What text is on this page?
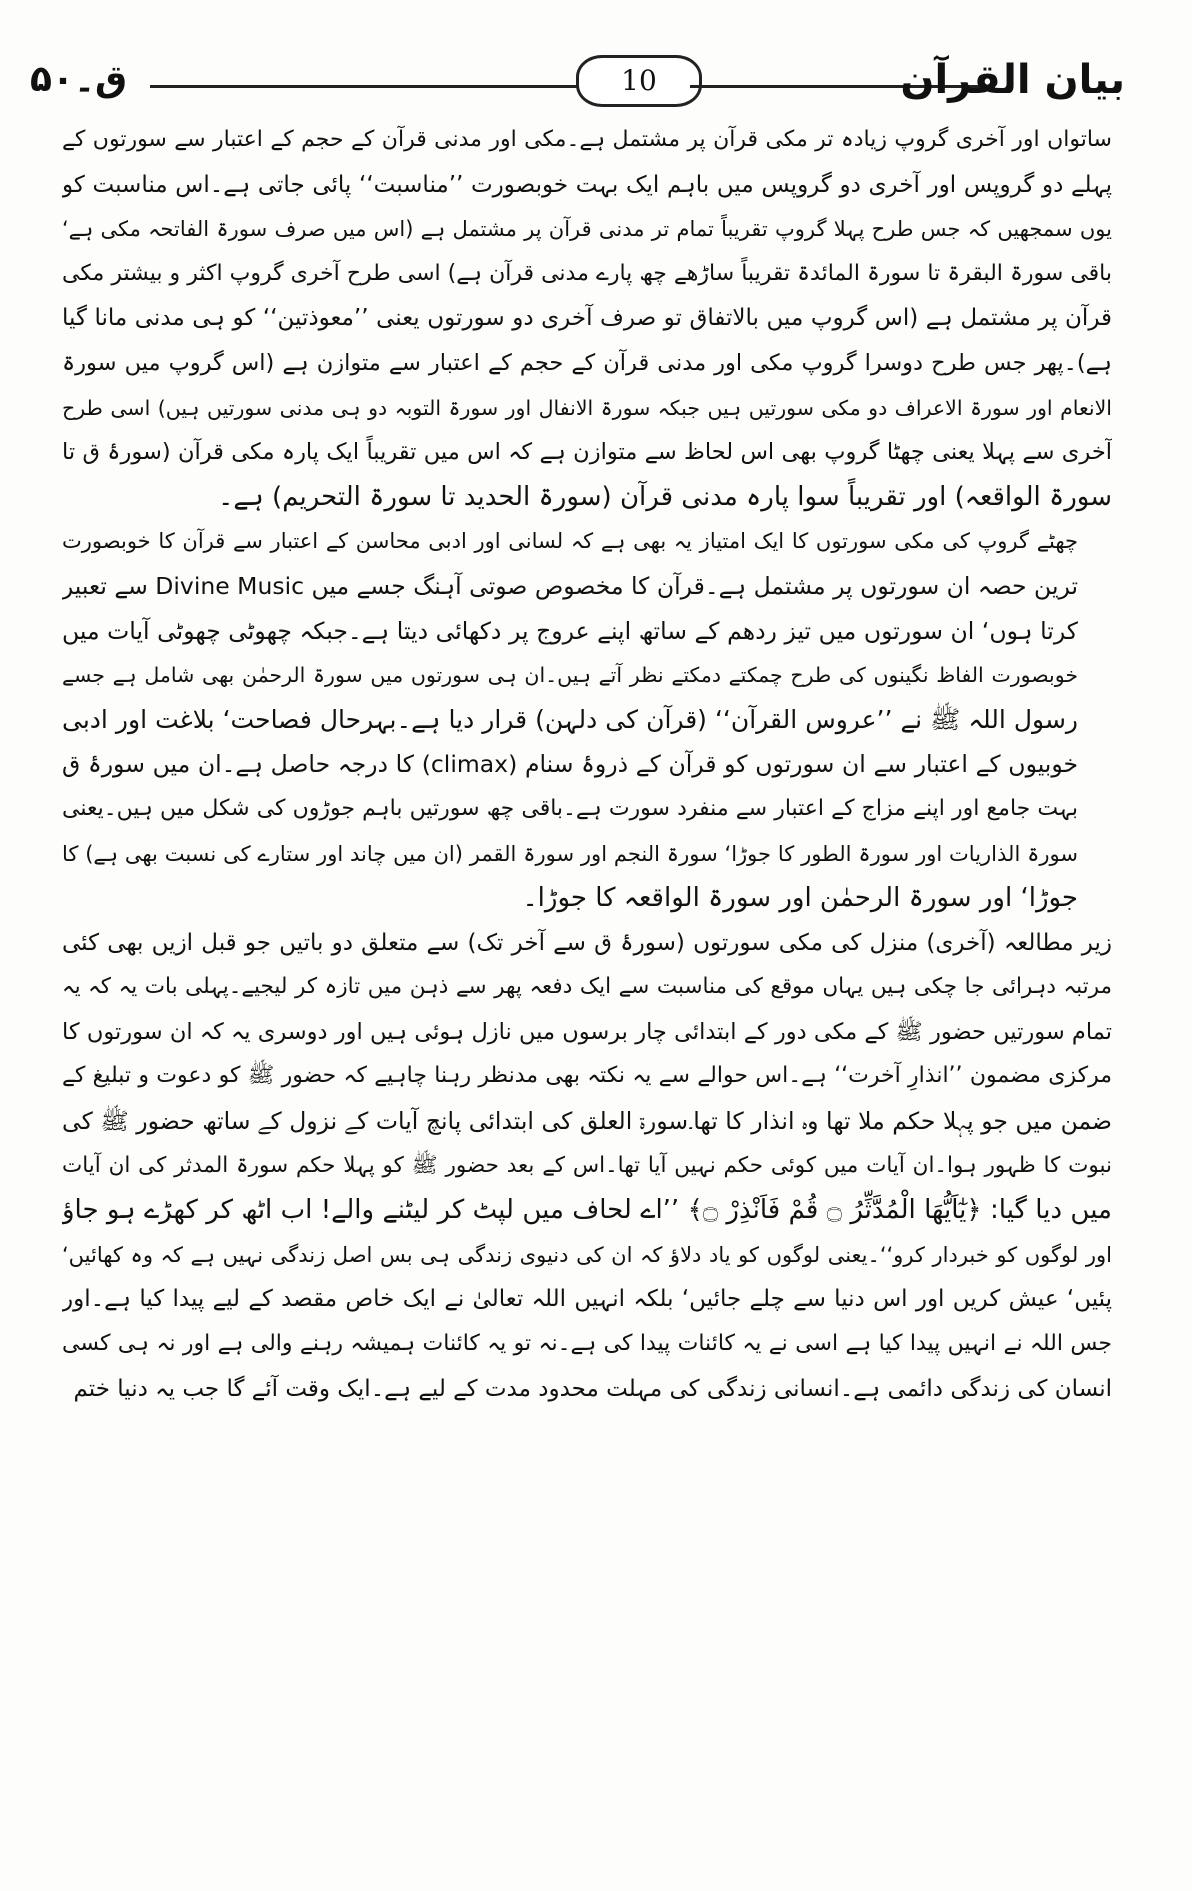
ق۔۵۰	10	بیان القرآن
ساتواں اور آخری گروپ زیادہ تر مکی قرآن پر مشتمل ہے۔مکی اور مدنی قرآن کے حجم کے اعتبار سے سورتوں کے
پہلے دو گروپس اور آخری دو گروپس میں باہم ایک بہت خوبصورت ’’مناسبت‘‘ پائی جاتی ہے۔اس مناسبت کو
یوں سمجھیں کہ جس طرح پہلا گروپ تقریباً تمام تر مدنی قرآن پر مشتمل ہے (اس میں صرف سورۃ الفاتحہ مکی ہے‘
باقی سورۃ البقرۃ تا سورۃ المائدۃ تقریباً ساڑھے چھ پارے مدنی قرآن ہے) اسی طرح آخری گروپ اکثر و بیشتر مکی
قرآن پر مشتمل ہے (اس گروپ میں بالاتفاق تو صرف آخری دو سورتوں یعنی ’’معوذتین‘‘ کو ہی مدنی مانا گیا
ہے)۔پھر جس طرح دوسرا گروپ مکی اور مدنی قرآن کے حجم کے اعتبار سے متوازن ہے (اس گروپ میں سورۃ
الانعام اور سورۃ الاعراف دو مکی سورتیں ہیں جبکہ سورۃ الانفال اور سورۃ التوبہ دو ہی مدنی سورتیں ہیں) اسی طرح
آخری سے پہلا یعنی چھٹا گروپ بھی اس لحاظ سے متوازن ہے کہ اس میں تقریباً ایک پارہ مکی قرآن (سورۂ ق تا
سورۃ الواقعہ) اور تقریباً سوا پارہ مدنی قرآن (سورۃ الحدید تا سورۃ التحریم) ہے۔
چھٹے گروپ کی مکی سورتوں کا ایک امتیاز یہ بھی ہے کہ لسانی اور ادبی محاسن کے اعتبار سے قرآن کا خوبصورت
ترین حصہ ان سورتوں پر مشتمل ہے۔قرآن کا مخصوص صوتی آہنگ جسے میں Divine Music سے تعبیر
کرتا ہوں‘ ان سورتوں میں تیز ردھم کے ساتھ اپنے عروج پر دکھائی دیتا ہے۔جبکہ چھوٹی چھوٹی آیات میں
خوبصورت الفاظ نگینوں کی طرح چمکتے دمکتے نظر آتے ہیں۔ان ہی سورتوں میں سورۃ الرحمٰن بھی شامل ہے جسے
رسول اللہ ﷺ نے ’’عروس القرآن‘‘ (قرآن کی دلہن) قرار دیا ہے۔بہرحال فصاحت‘ بلاغت اور ادبی
خوبیوں کے اعتبار سے ان سورتوں کو قرآن کے ذروۂ سنام (climax) کا درجہ حاصل ہے۔ان میں سورۂ ق
بہت جامع اور اپنے مزاج کے اعتبار سے منفرد سورت ہے۔باقی چھ سورتیں باہم جوڑوں کی شکل میں ہیں۔یعنی
سورۃ الذاریات اور سورۃ الطور کا جوڑا‘ سورۃ النجم اور سورۃ القمر (ان میں چاند اور ستارے کی نسبت بھی ہے) کا
جوڑا‘ اور سورۃ الرحمٰن اور سورۃ الواقعہ کا جوڑا۔
زیر مطالعہ (آخری) منزل کی مکی سورتوں (سورۂ ق سے آخر تک) سے متعلق دو باتیں جو قبل ازیں بھی کئی
مرتبہ دہرائی جا چکی ہیں یہاں موقع کی مناسبت سے ایک دفعہ پھر سے ذہن میں تازہ کر لیجیے۔پہلی بات یہ کہ یہ
تمام سورتیں حضور ﷺ کے مکی دور کے ابتدائی چار برسوں میں نازل ہوئی ہیں اور دوسری یہ کہ ان سورتوں کا
مرکزی مضمون ’’انذارِ آخرت‘‘ ہے۔اس حوالے سے یہ نکتہ بھی مدنظر رہنا چاہیے کہ حضور ﷺ کو دعوت و تبلیغ کے
ضمن میں جو پہلا حکم ملا تھا وہ انذار کا تھا۔سورۃ العلق کی ابتدائی پانچ آیات کے نزول کے ساتھ حضور ﷺ کی
نبوت کا ظہور ہوا۔ان آیات میں کوئی حکم نہیں آیا تھا۔اس کے بعد حضور ﷺ کو پہلا حکم سورۃ المدثر کی ان آیات
میں دیا گیا: ﴿یٰٓاَیُّھَا الْمُدَّثِّرُ ۝ قُمْ فَاَنْذِرْ ۝﴾ ’’اے لحاف میں لپٹ کر لیٹنے والے! اب اٹھ کر کھڑے ہو جاؤ
اور لوگوں کو خبردار کرو‘‘۔یعنی لوگوں کو یاد دلاؤ کہ ان کی دنیوی زندگی ہی بس اصل زندگی نہیں ہے کہ وہ کھائیں‘
پئیں‘ عیش کریں اور اس دنیا سے چلے جائیں‘ بلکہ انہیں اللہ تعالیٰ نے ایک خاص مقصد کے لیے پیدا کیا ہے۔اور
جس اللہ نے انہیں پیدا کیا ہے اسی نے یہ کائنات پیدا کی ہے۔نہ تو یہ کائنات ہمیشہ رہنے والی ہے اور نہ ہی کسی
انسان کی زندگی دائمی ہے۔انسانی زندگی کی مہلت محدود مدت کے لیے ہے۔ایک وقت آئے گا جب یہ دنیا ختم
